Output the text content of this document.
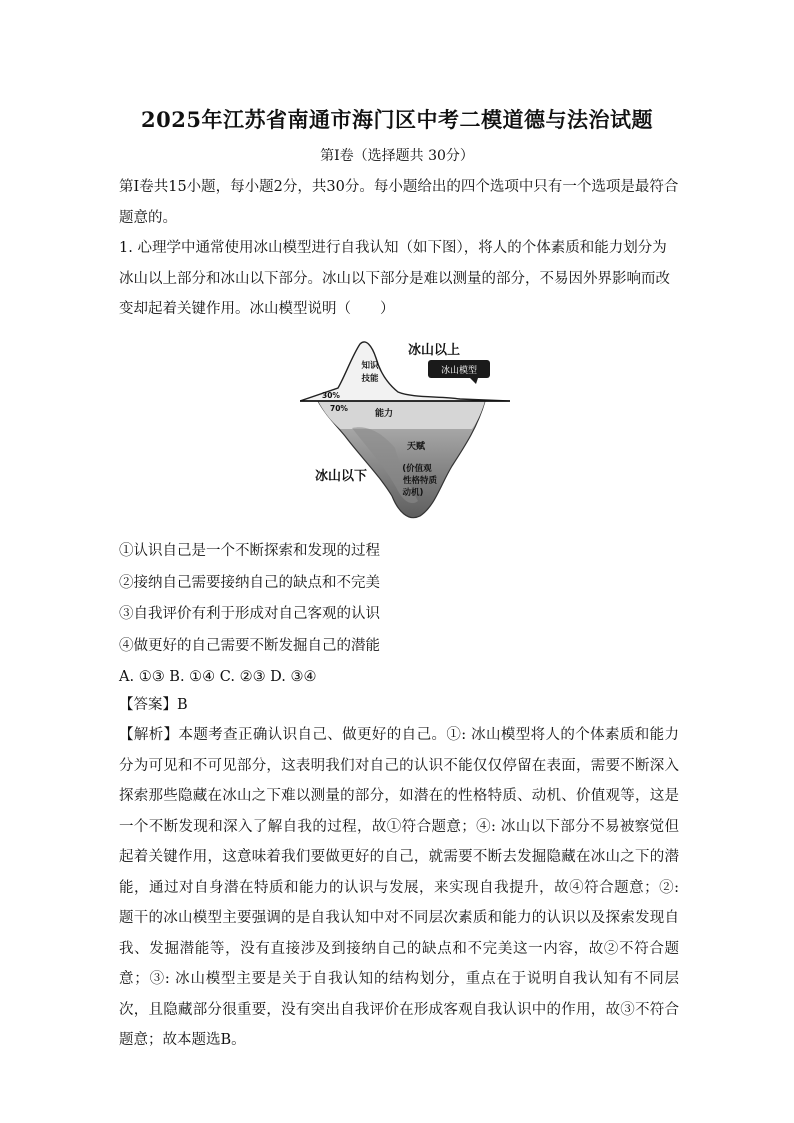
2025年江苏省南通市海门区中考二模道德与法治试题
第I卷（选择题共 30分）
第I卷共15小题，每小题2分，共30分。每小题给出的四个选项中只有一个选项是最符合题意的。
1. 心理学中通常使用冰山模型进行自我认知（如下图），将人的个体素质和能力划分为冰山以上部分和冰山以下部分。冰山以下部分是难以测量的部分，不易因外界影响而改变却起着关键作用。冰山模型说明（　　）
冰山以上
冰山模型
知识
技能
30%
70%
能力
天赋
(价值观
性格特质
动机)
冰山以下
①认识自己是一个不断探索和发现的过程
②接纳自己需要接纳自己的缺点和不完美
③自我评价有利于形成对自己客观的认识
④做更好的自己需要不断发掘自己的潜能
A. ①③ B. ①④ C. ②③ D. ③④
【答案】B
【解析】本题考查正确认识自己、做更好的自己。①: 冰山模型将人的个体素质和能力分为可见和不可见部分，这表明我们对自己的认识不能仅仅停留在表面，需要不断深入探索那些隐藏在冰山之下难以测量的部分，如潜在的性格特质、动机、价值观等，这是一个不断发现和深入了解自我的过程，故①符合题意；④: 冰山以下部分不易被察觉但起着关键作用，这意味着我们要做更好的自己，就需要不断去发掘隐藏在冰山之下的潜能，通过对自身潜在特质和能力的认识与发展，来实现自我提升，故④符合题意；②: 题干的冰山模型主要强调的是自我认知中对不同层次素质和能力的认识以及探索发现自我、发掘潜能等，没有直接涉及到接纳自己的缺点和不完美这一内容，故②不符合题意；③: 冰山模型主要是关于自我认知的结构划分，重点在于说明自我认知有不同层次，且隐藏部分很重要，没有突出自我评价在形成客观自我认识中的作用，故③不符合题意；故本题选B。
